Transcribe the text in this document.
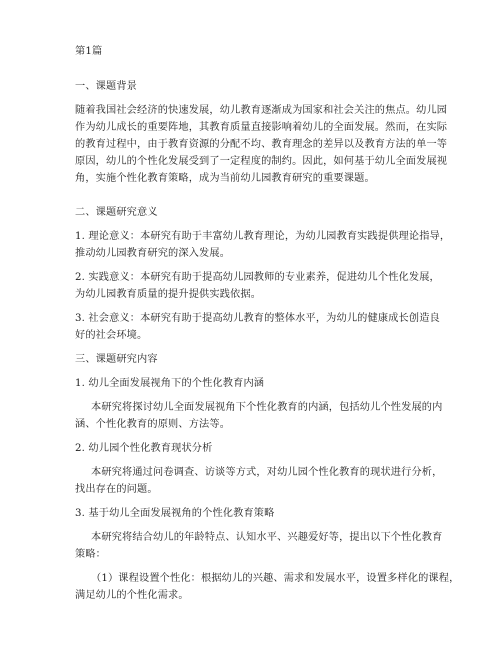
第1篇

一、课题背景

随着我国社会经济的快速发展，幼儿教育逐渐成为国家和社会关注的焦点。幼儿园

作为幼儿成长的重要阵地，其教育质量直接影响着幼儿的全面发展。然而，在实际

的教育过程中，由于教育资源的分配不均、教育理念的差异以及教育方法的单一等

原因，幼儿的个性化发展受到了一定程度的制约。因此，如何基于幼儿全面发展视

角，实施个性化教育策略，成为当前幼儿园教育研究的重要课题。

二、课题研究意义

1. 理论意义：本研究有助于丰富幼儿教育理论，为幼儿园教育实践提供理论指导，

推动幼儿园教育研究的深入发展。

2. 实践意义：本研究有助于提高幼儿园教师的专业素养，促进幼儿个性化发展，

为幼儿园教育质量的提升提供实践依据。

3. 社会意义：本研究有助于提高幼儿教育的整体水平，为幼儿的健康成长创造良

好的社会环境。

三、课题研究内容

1. 幼儿全面发展视角下的个性化教育内涵

本研究将探讨幼儿全面发展视角下个性化教育的内涵，包括幼儿个性发展的内

涵、个性化教育的原则、方法等。

2. 幼儿园个性化教育现状分析

本研究将通过问卷调查、访谈等方式，对幼儿园个性化教育的现状进行分析，

找出存在的问题。

3. 基于幼儿全面发展视角的个性化教育策略

本研究将结合幼儿的年龄特点、认知水平、兴趣爱好等，提出以下个性化教育

策略：

（1）课程设置个性化：根据幼儿的兴趣、需求和发展水平，设置多样化的课程，

满足幼儿的个性化需求。
